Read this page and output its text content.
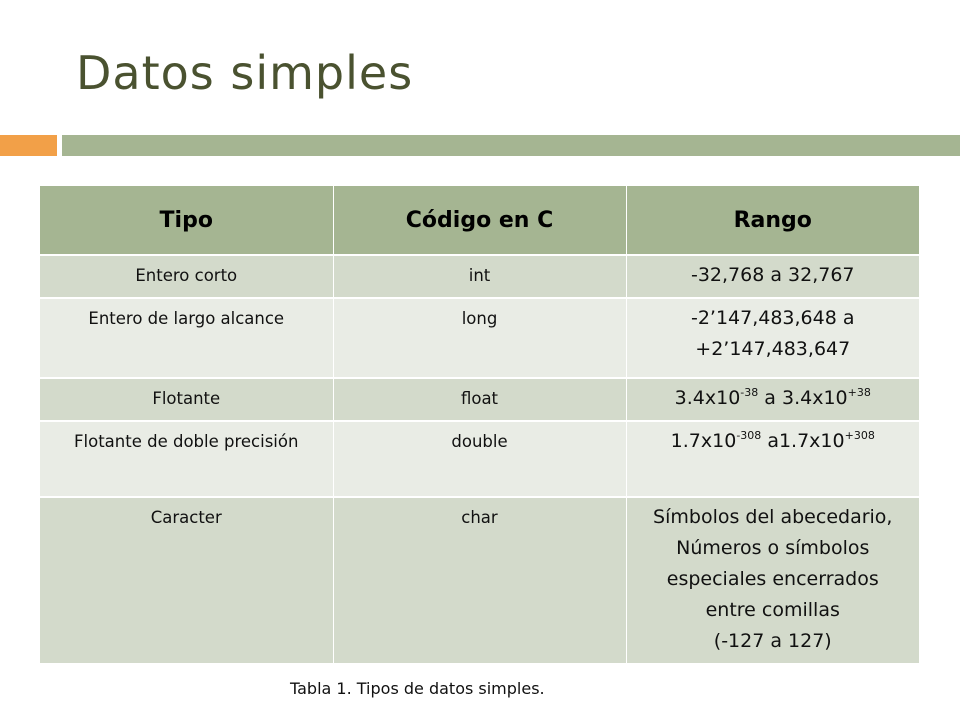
Datos simples
Tipo	Código en C	Rango
Entero corto	int	-32,768 a 32,767
Entero de largo alcance	long	-2’147,483,648 a
+2’147,483,647

Flotante	float	$3.4x10^{-38}$ a $3.4x10^{+38}$
Flotante de doble precisión	double	$1.7x10^{-308}$ $a1.7x10^{+308}$
Caracter	char	Símbolos del abecedario,
Números o símbolos
especiales encerrados
entre comillas
(-127 a 127)
Tabla 1. Tipos de datos simples.
